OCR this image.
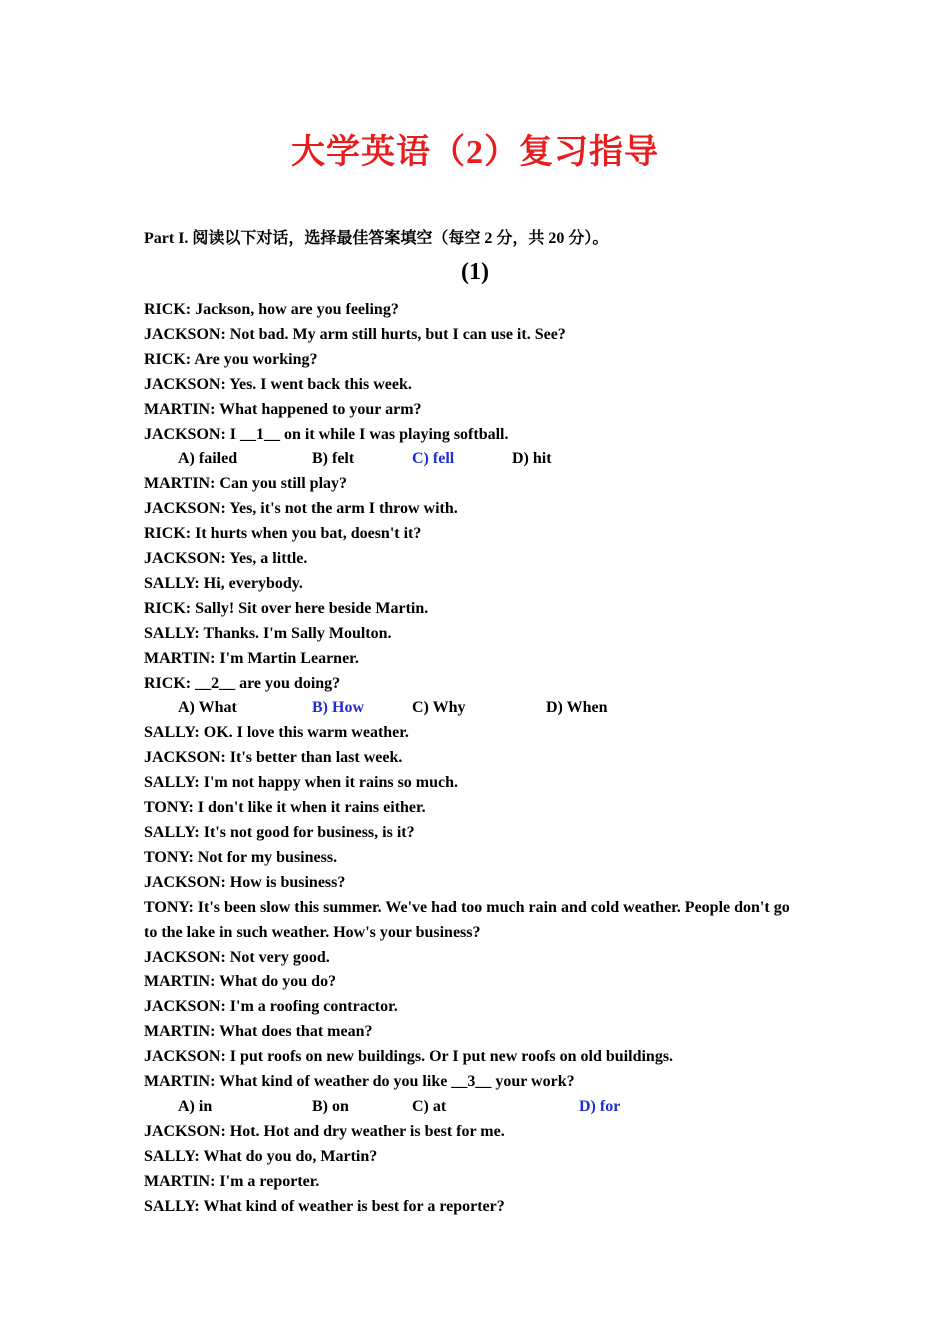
大学英语（2）复习指导
Part I. 阅读以下对话，选择最佳答案填空（每空 2 分，共 20 分）。
(1)
RICK: Jackson, how are you feeling?
JACKSON: Not bad. My arm still hurts, but I can use it. See?
RICK: Are you working?
JACKSON: Yes. I went back this week.
MARTIN: What happened to your arm?
JACKSON: I __1__ on it while I was playing softball.
A) failed	B) felt	C) fell	D) hit
MARTIN: Can you still play?
JACKSON: Yes, it's not the arm I throw with.
RICK: It hurts when you bat, doesn't it?
JACKSON: Yes, a little.
SALLY: Hi, everybody.
RICK: Sally! Sit over here beside Martin.
SALLY: Thanks. I'm Sally Moulton.
MARTIN: I'm Martin Learner.
RICK: __2__ are you doing?
A) What	B) How	C) Why	D) When
SALLY: OK. I love this warm weather.
JACKSON: It's better than last week.
SALLY: I'm not happy when it rains so much.
TONY: I don't like it when it rains either.
SALLY: It's not good for business, is it?
TONY: Not for my business.
JACKSON: How is business?
TONY: It's been slow this summer. We've had too much rain and cold weather. People don't go to the lake in such weather. How's your business?
JACKSON: Not very good.
MARTIN: What do you do?
JACKSON: I'm a roofing contractor.
MARTIN: What does that mean?
JACKSON: I put roofs on new buildings. Or I put new roofs on old buildings.
MARTIN: What kind of weather do you like __3__ your work?
A) in	B) on	C) at	D) for
JACKSON: Hot. Hot and dry weather is best for me.
SALLY: What do you do, Martin?
MARTIN: I'm a reporter.
SALLY: What kind of weather is best for a reporter?
